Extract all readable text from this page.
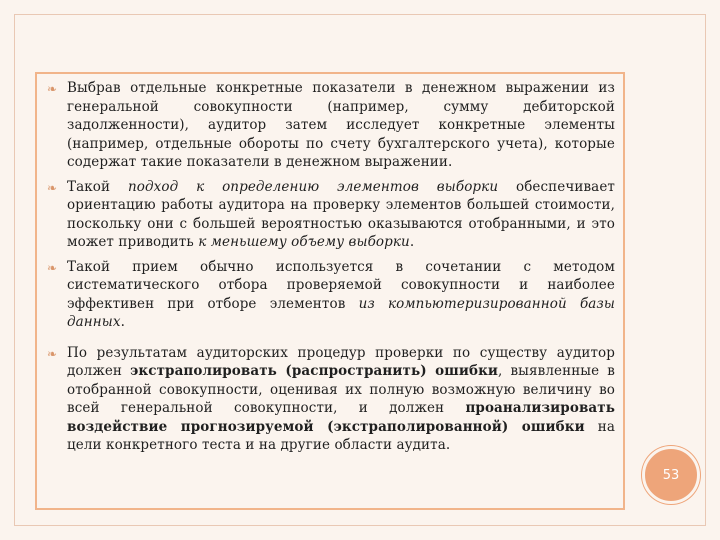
❧ Выбрав отдельные конкретные показатели в денежном выражении из генеральной совокупности (например, сумму дебиторской задолженности), аудитор затем исследует конкретные элементы (например, отдельные обороты по счету бухгалтерского учета), которые содержат такие показатели в денежном выражении.
❧ Такой подход к определению элементов выборки обеспечивает ориентацию работы аудитора на проверку элементов большей стоимости, поскольку они с большей вероятностью оказываются отобранными, и это может приводить к меньшему объему выборки.
❧ Такой прием обычно используется в сочетании с методом систематического отбора проверяемой совокупности и наиболее эффективен при отборе элементов из компьютеризированной базы данных.
❧ По результатам аудиторских процедур проверки по существу аудитор должен экстраполировать (распространить) ошибки, выявленные в отобранной совокупности, оценивая их полную возможную величину во всей генеральной совокупности, и должен проанализировать воздействие прогнозируемой (экстраполированной) ошибки на цели конкретного теста и на другие области аудита.
53
